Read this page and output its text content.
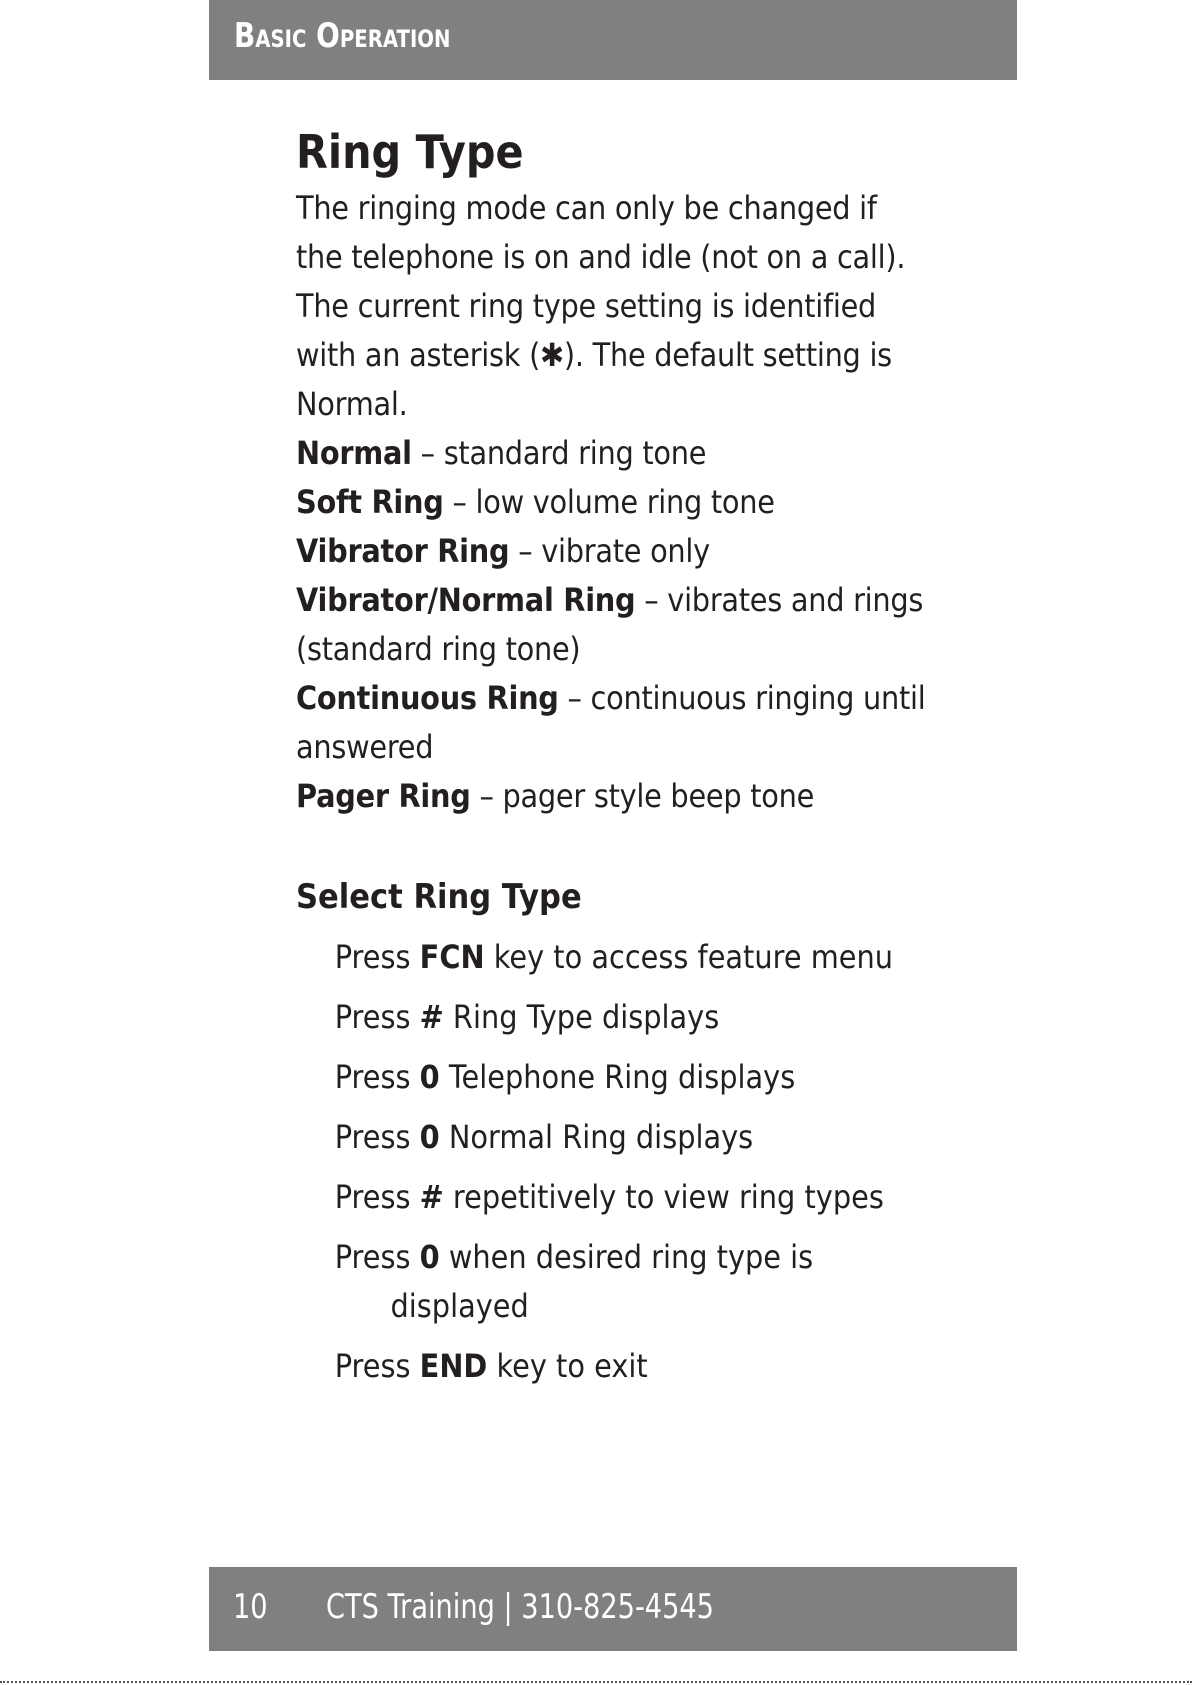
Basic Operation
Ring Type

The ringing mode can only be changed if the telephone is on and idle (not on a call). The current ring type setting is identified with an asterisk (✱). The default setting is Normal.

Normal – standard ring tone
Soft Ring – low volume ring tone
Vibrator Ring – vibrate only
Vibrator/Normal Ring – vibrates and rings (standard ring tone)
Continuous Ring – continuous ringing until answered
Pager Ring – pager style beep tone
Select Ring Type
Press FCN key to access feature menu
Press # Ring Type displays
Press 0 Telephone Ring displays
Press 0 Normal Ring displays
Press # repetitively to view ring types
Press 0 when desired ring type is
displayed
Press END key to exit
10 CTS Training | 310-825-4545
